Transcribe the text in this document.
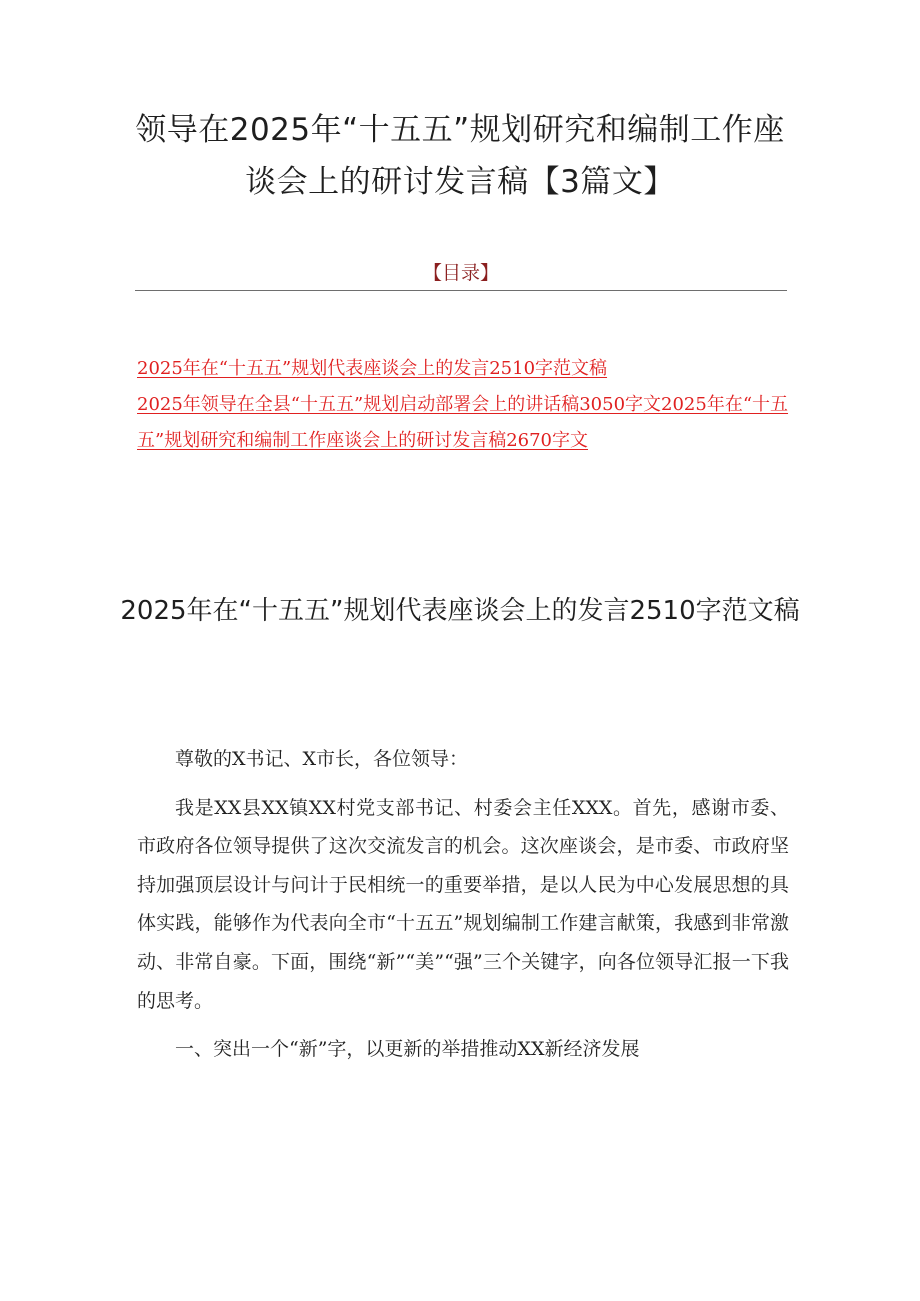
领导在2025年“十五五”规划研究和编制工作座谈会上的研讨发言稿【3篇文】
【目录】
2025年在“十五五”规划代表座谈会上的发言2510字范文稿
2025年领导在全县“十五五”规划启动部署会上的讲话稿3050字文2025年在“十五五”规划研究和编制工作座谈会上的研讨发言稿2670字文
2025年在“十五五”规划代表座谈会上的发言2510字范文稿

尊敬的X书记、X市长，各位领导：

我是XX县XX镇XX村党支部书记、村委会主任XXX。首先，感谢市委、市政府各位领导提供了这次交流发言的机会。这次座谈会，是市委、市政府坚持加强顶层设计与问计于民相统一的重要举措，是以人民为中心发展思想的具体实践，能够作为代表向全市“十五五”规划编制工作建言献策，我感到非常激动、非常自豪。下面，围绕“新”“美”“强”三个关键字，向各位领导汇报一下我的思考。

一、突出一个“新”字，以更新的举措推动XX新经济发展
